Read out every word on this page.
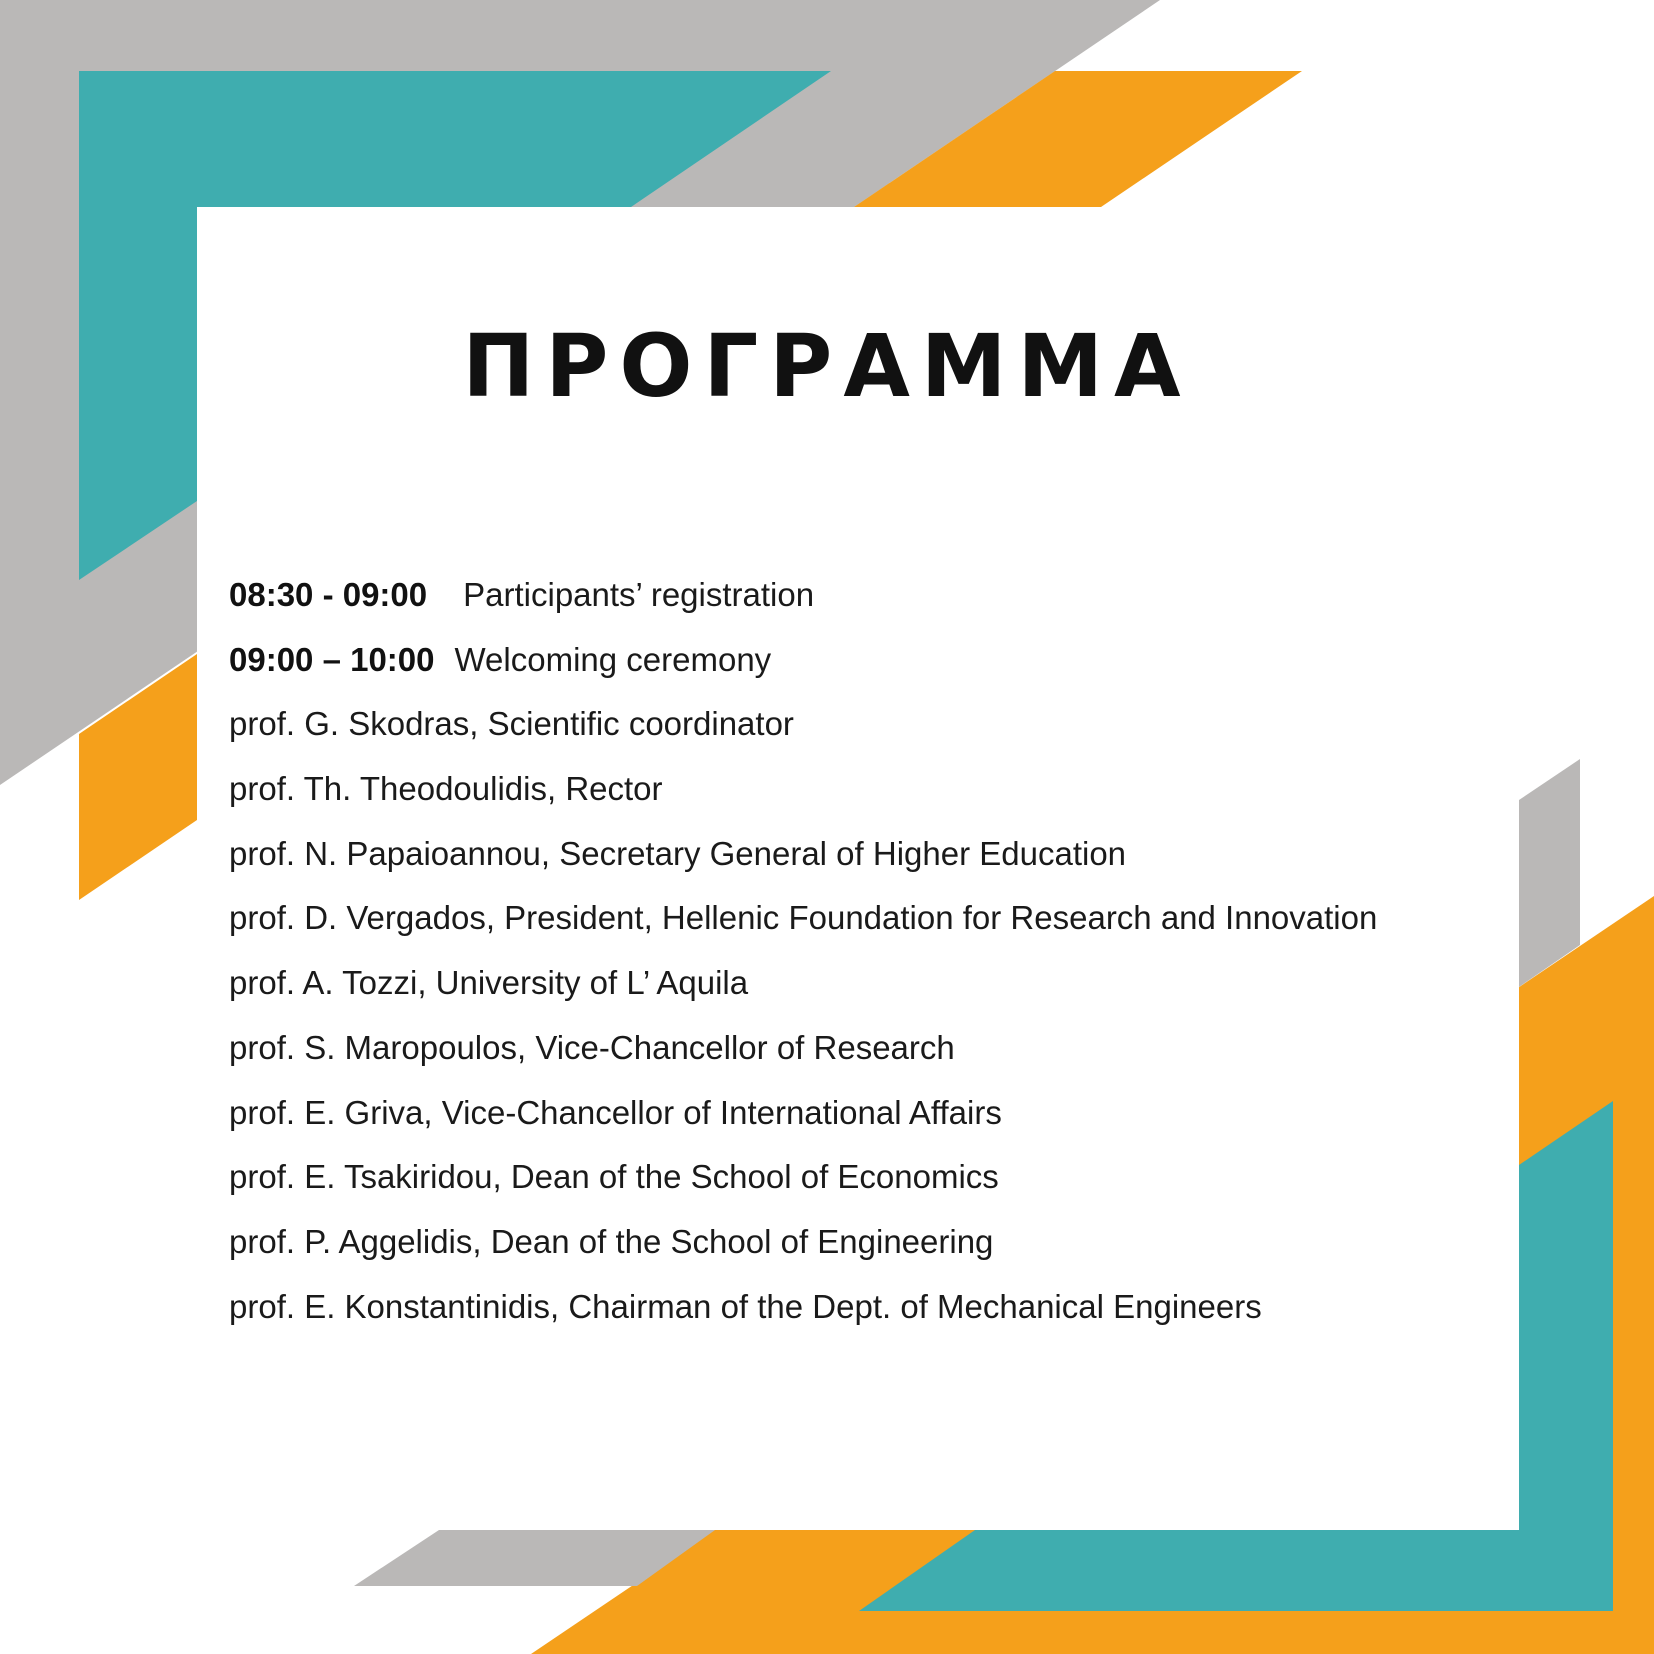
ΠΡΟΓΡΑΜΜΑ
08:30 - 09:00 Participants’ registration
09:00 – 10:00 Welcoming ceremony
prof. G. Skodras, Scientific coordinator
prof. Th. Theodoulidis, Rector
prof. N. Papaioannou, Secretary General of Higher Education
prof. D. Vergados, President, Hellenic Foundation for Research and Innovation
prof. A. Tozzi, University of L’ Aquila
prof. S. Maropoulos, Vice-Chancellor of Research
prof. E. Griva, Vice-Chancellor of International Affairs
prof. E. Tsakiridou, Dean of the School of Economics
prof. P. Aggelidis, Dean of the School of Engineering
prof. E. Konstantinidis, Chairman of the Dept. of Mechanical Engineers
